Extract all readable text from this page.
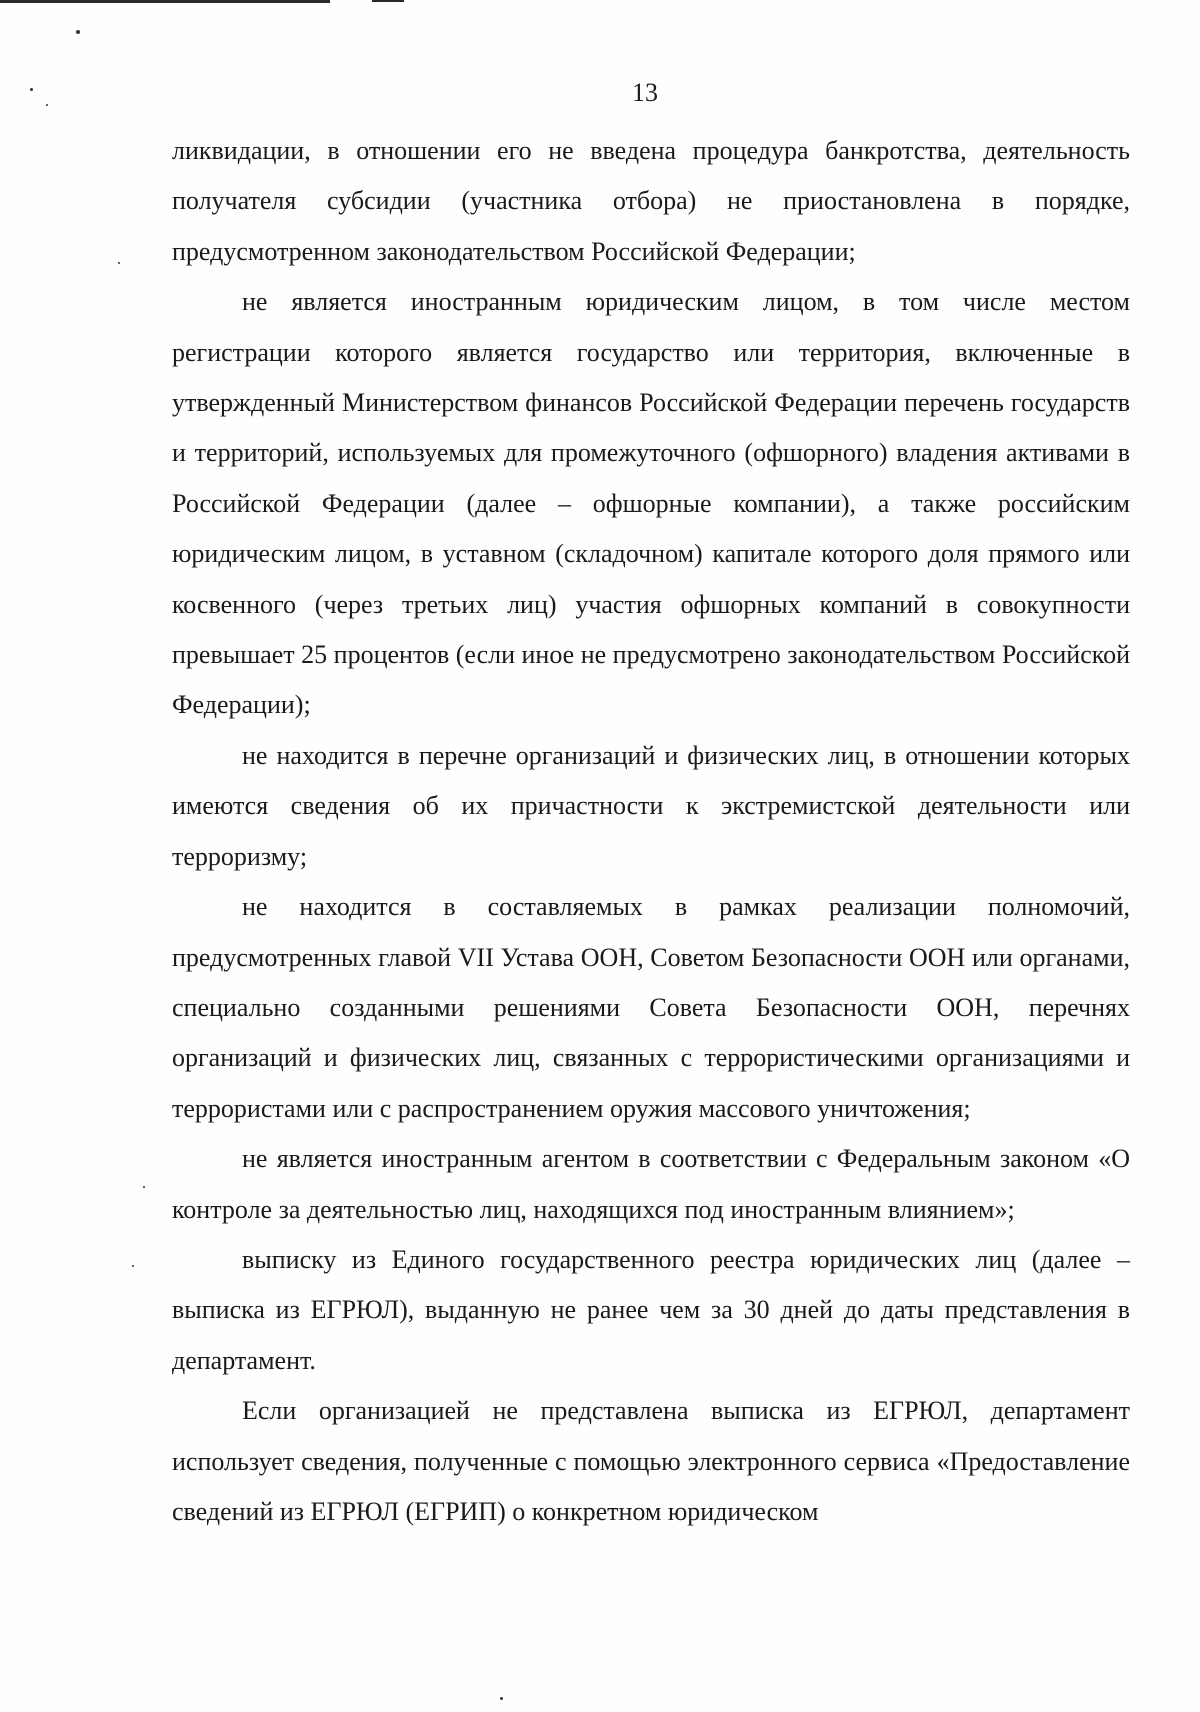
13

ликвидации, в отношении его не введена процедура банкротства, деятельность получателя субсидии (участника отбора) не приостановлена в порядке, предусмотренном законодательством Российской Федерации;

не является иностранным юридическим лицом, в том числе местом регистрации которого является государство или территория, включенные в утвержденный Министерством финансов Российской Федерации перечень государств и территорий, используемых для промежуточного (офшорного) владения активами в Российской Федерации (далее – офшорные компании), а также российским юридическим лицом, в уставном (складочном) капитале которого доля прямого или косвенного (через третьих лиц) участия офшорных компаний в совокупности превышает 25 процентов (если иное не предусмотрено законодательством Российской Федерации);

не находится в перечне организаций и физических лиц, в отношении которых имеются сведения об их причастности к экстремистской деятельности или терроризму;

не находится в составляемых в рамках реализации полномочий, предусмотренных главой VII Устава ООН, Советом Безопасности ООН или органами, специально созданными решениями Совета Безопасности ООН, перечнях организаций и физических лиц, связанных с террористическими организациями и террористами или с распространением оружия массового уничтожения;

не является иностранным агентом в соответствии с Федеральным законом «О контроле за деятельностью лиц, находящихся под иностранным влиянием»;

выписку из Единого государственного реестра юридических лиц (далее – выписка из ЕГРЮЛ), выданную не ранее чем за 30 дней до даты представления в департамент.

Если организацией не представлена выписка из ЕГРЮЛ, департамент использует сведения, полученные с помощью электронного сервиса «Предоставление сведений из ЕГРЮЛ (ЕГРИП) о конкретном юридическом
